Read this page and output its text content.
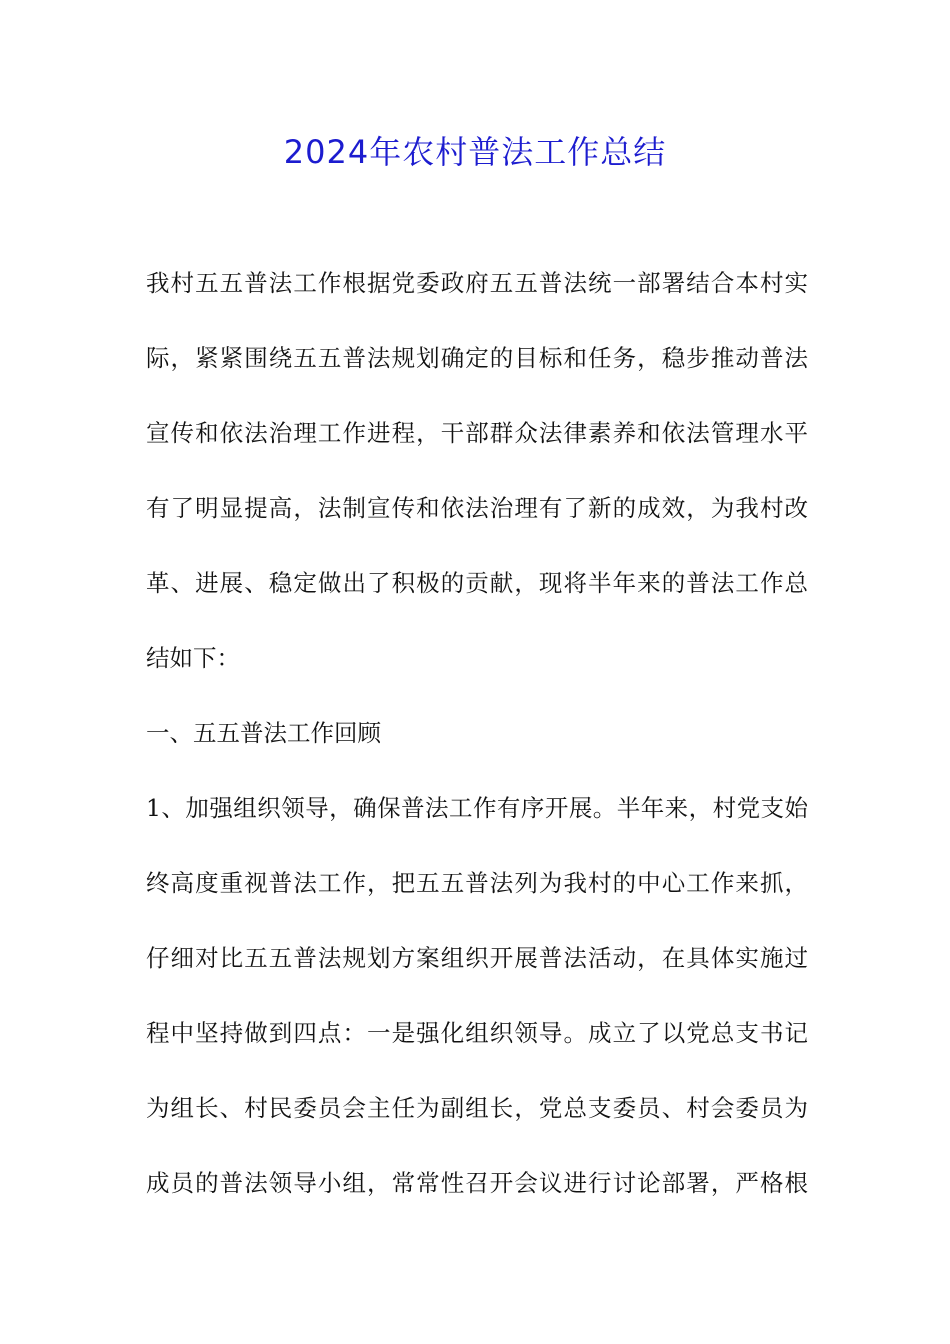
2024年农村普法工作总结
我村五五普法工作根据党委政府五五普法统一部署结合本村实
际，紧紧围绕五五普法规划确定的目标和任务，稳步推动普法
宣传和依法治理工作进程，干部群众法律素养和依法管理水平
有了明显提高，法制宣传和依法治理有了新的成效，为我村改
革、进展、稳定做出了积极的贡献，现将半年来的普法工作总
结如下：
一、五五普法工作回顾
1、加强组织领导，确保普法工作有序开展。半年来，村党支始
终高度重视普法工作，把五五普法列为我村的中心工作来抓，
仔细对比五五普法规划方案组织开展普法活动，在具体实施过
程中坚持做到四点：一是强化组织领导。成立了以党总支书记
为组长、村民委员会主任为副组长，党总支委员、村会委员为
成员的普法领导小组，常常性召开会议进行讨论部署，严格根
